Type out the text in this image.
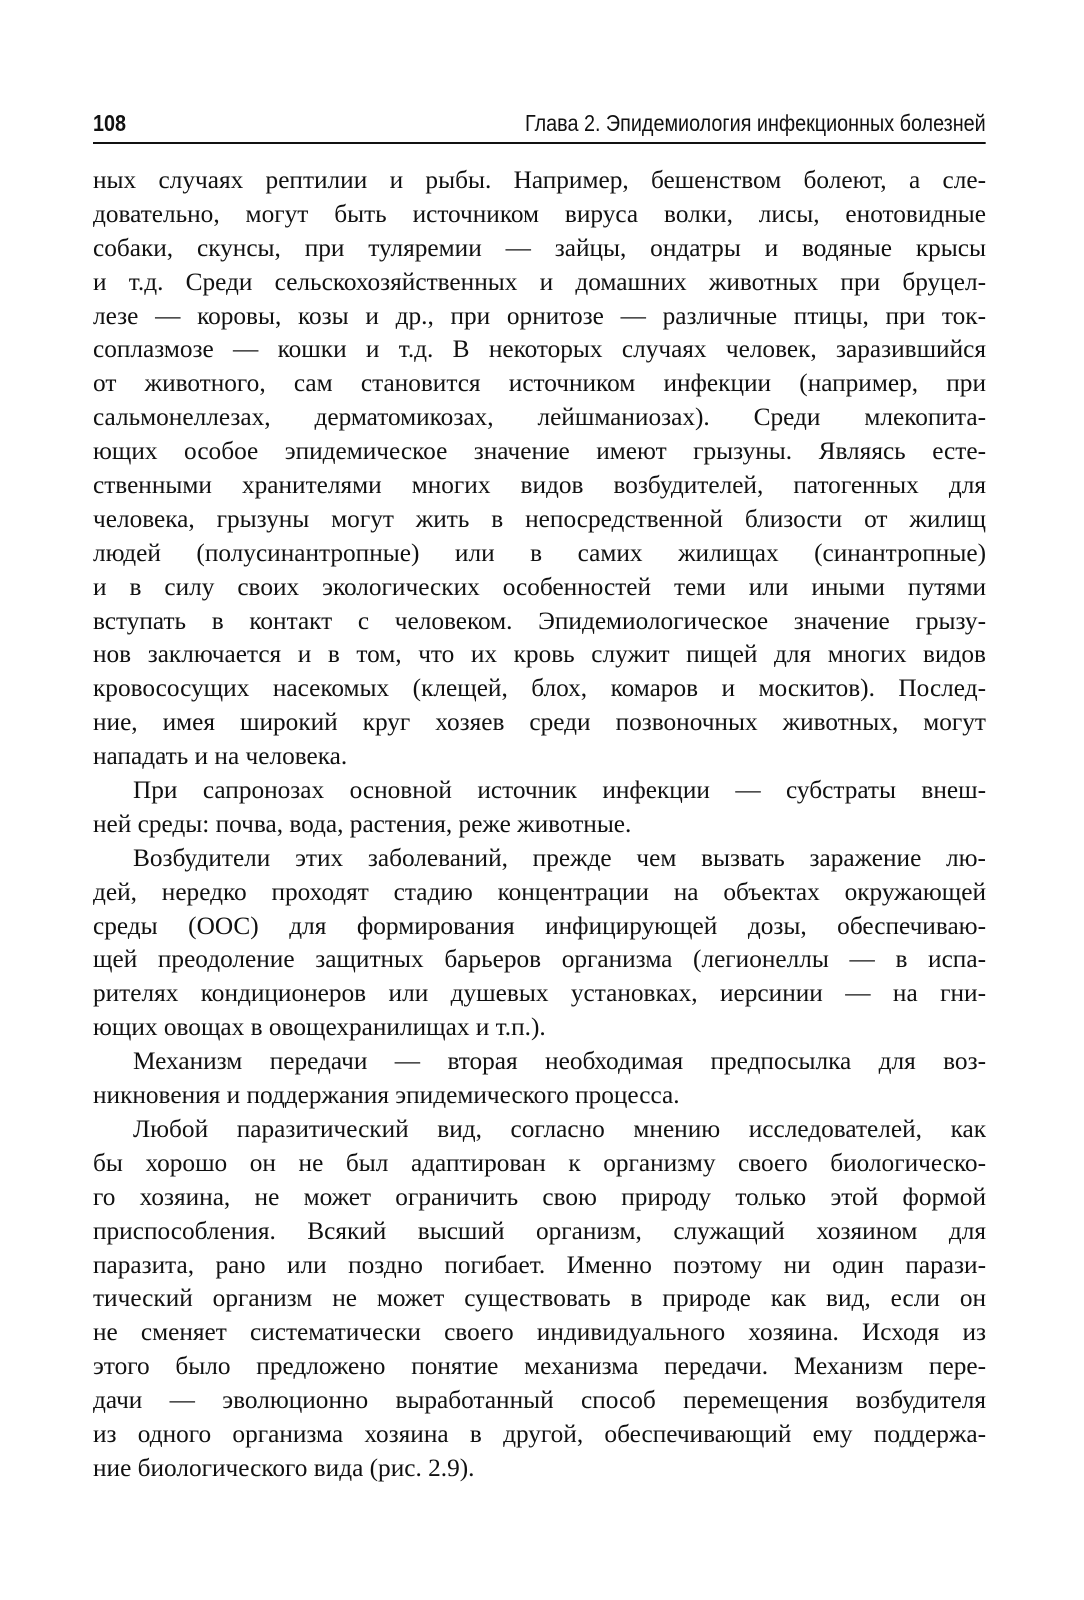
108	Глава 2. Эпидемиология инфекционных болезней
ных случаях рептилии и рыбы. Например, бешенством болеют, а сле-
довательно, могут быть источником вируса волки, лисы, енотовидные
собаки, скунсы, при туляремии — зайцы, ондатры и водяные крысы
и т.д. Среди сельскохозяйственных и домашних животных при бруцел-
лезе — коровы, козы и др., при орнитозе — различные птицы, при ток-
соплазмозе — кошки и т.д. В некоторых случаях человек, заразившийся
от животного, сам становится источником инфекции (например, при
сальмонеллезах, дерматомикозах, лейшманиозах). Среди млекопита-
ющих особое эпидемическое значение имеют грызуны. Являясь есте-
ственными хранителями многих видов возбудителей, патогенных для
человека, грызуны могут жить в непосредственной близости от жилищ
людей (полусинантропные) или в самих жилищах (синантропные)
и в силу своих экологических особенностей теми или иными путями
вступать в контакт с человеком. Эпидемиологическое значение грызу-
нов заключается и в том, что их кровь служит пищей для многих видов
кровососущих насекомых (клещей, блох, комаров и москитов). Послед-
ние, имея широкий круг хозяев среди позвоночных животных, могут
нападать и на человека.
При сапронозах основной источник инфекции — субстраты внеш-
ней среды: почва, вода, растения, реже животные.
Возбудители этих заболеваний, прежде чем вызвать заражение лю-
дей, нередко проходят стадию концентрации на объектах окружающей
среды (ООС) для формирования инфицирующей дозы, обеспечиваю-
щей преодоление защитных барьеров организма (легионеллы — в испа-
рителях кондиционеров или душевых установках, иерсинии — на гни-
ющих овощах в овощехранилищах и т.п.).
Механизм передачи — вторая необходимая предпосылка для воз-
никновения и поддержания эпидемического процесса.
Любой паразитический вид, согласно мнению исследователей, как
бы хорошо он не был адаптирован к организму своего биологическо-
го хозяина, не может ограничить свою природу только этой формой
приспособления. Всякий высший организм, служащий хозяином для
паразита, рано или поздно погибает. Именно поэтому ни один парази-
тический организм не может существовать в природе как вид, если он
не сменяет систематически своего индивидуального хозяина. Исходя из
этого было предложено понятие механизма передачи. Механизм пере-
дачи — эволюционно выработанный способ перемещения возбудителя
из одного организма хозяина в другой, обеспечивающий ему поддержа-
ние биологического вида (рис. 2.9).
